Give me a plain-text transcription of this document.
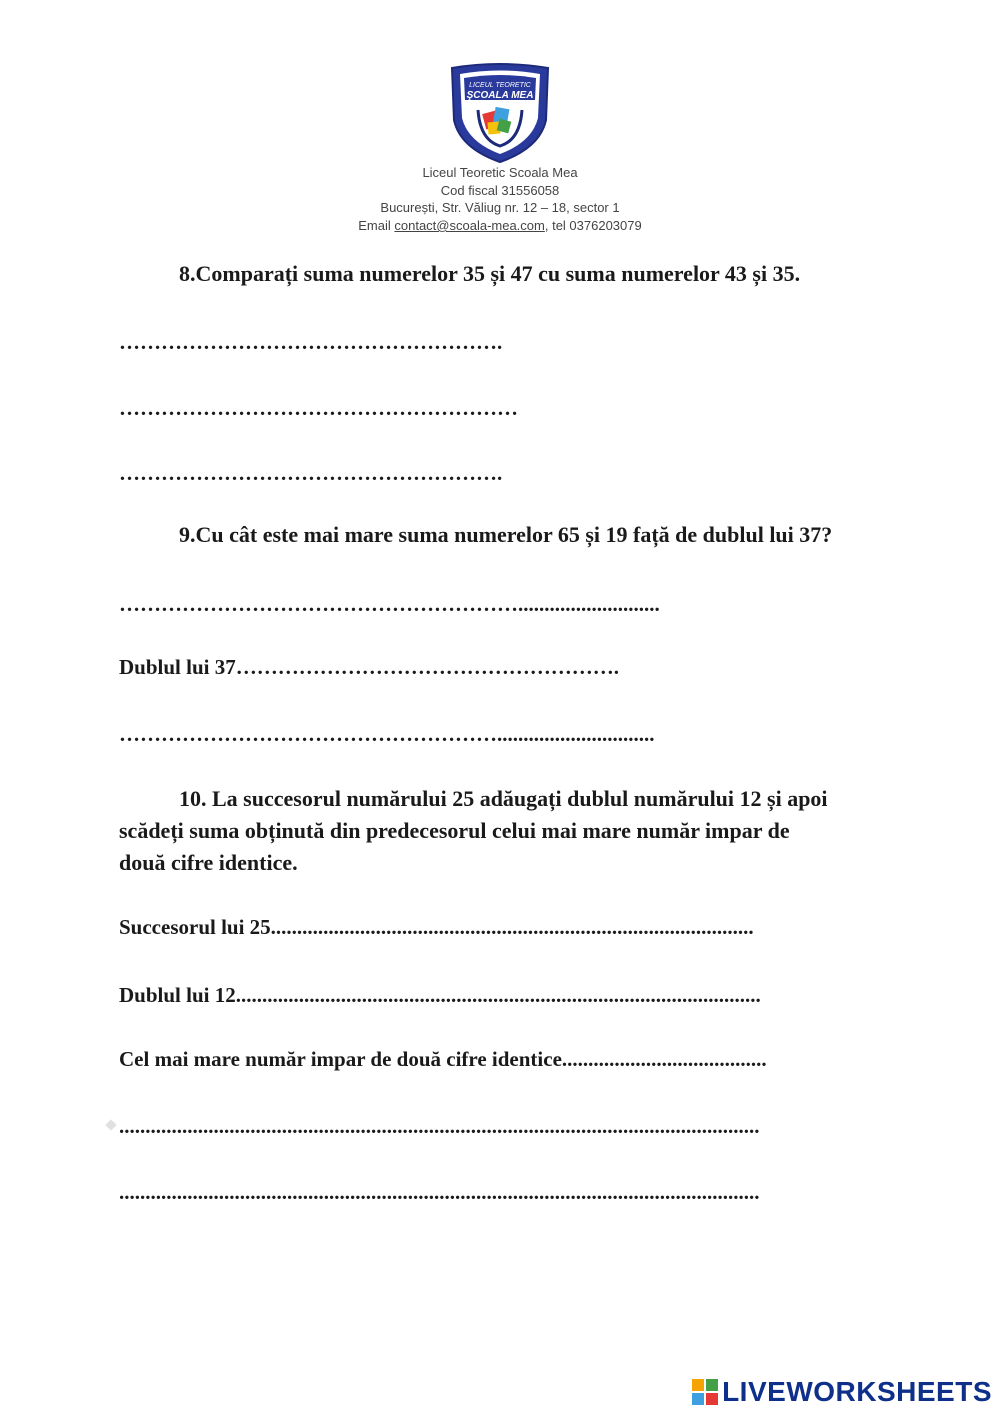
LICEUL TEORETIC
ŞCOALA MEA
Liceul Teoretic Scoala Mea
Cod fiscal 31556058
București, Str. Văliug nr. 12 – 18, sector 1
Email contact@scoala-mea.com, tel 0376203079
8.Comparați suma numerelor 35 și 47 cu suma numerelor 43 și 35.
……………………………………………….
…………………………………………………
……………………………………………….
9.Cu cât este mai mare suma numerelor 65 și 19 față de dublul lui 37?
…………………………………………………...........................
Dublul lui 37……………………………………………….
………………………………………………..............................
10. La succesorul numărului 25 adăugați dublul numărului 12 și apoi
scădeți suma obținută din predecesorul celui mai mare număr impar de
două cifre identice.
Succesorul lui 25............................................................................................
Dublul lui 12....................................................................................................
Cel mai mare număr impar de două cifre identice.......................................
..........................................................................................................................
..........................................................................................................................
LIVEWORKSHEETS
